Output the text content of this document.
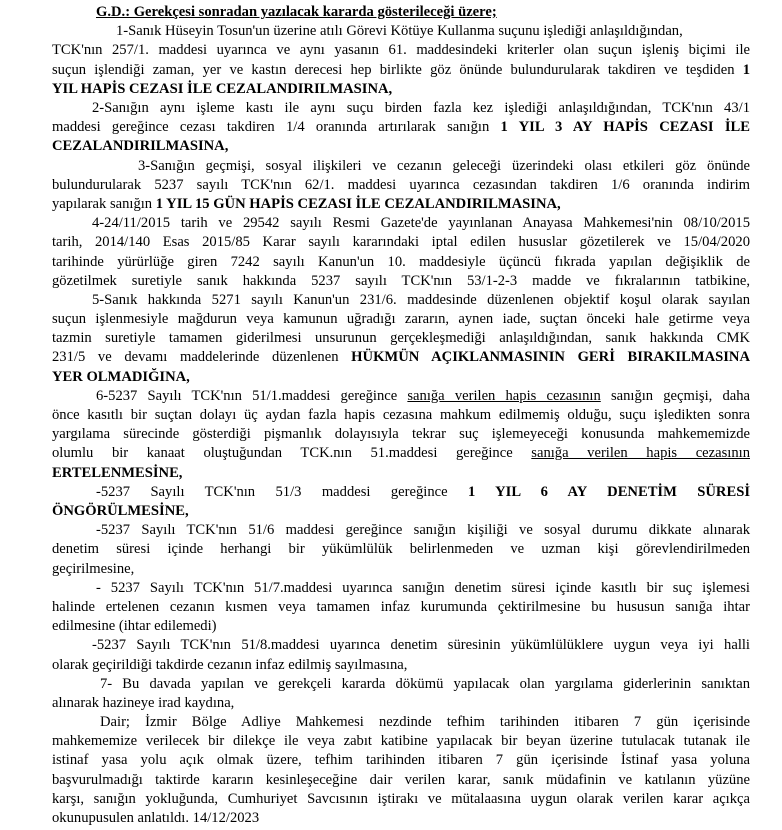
G.D.: Gerekçesi sonradan yazılacak kararda gösterileceği üzere;
1-Sanık Hüseyin Tosun'un üzerine atılı Görevi Kötüye Kullanma suçunu işlediği anlaşıldığından,
TCK'nın 257/1. maddesi uyarınca ve aynı yasanın 61. maddesindeki kriterler olan suçun işleniş biçimi ile
suçun işlendiği zaman, yer ve kastın derecesi hep birlikte göz önünde bulundurularak takdiren ve teşdiden 1
YIL HAPİS CEZASI İLE CEZALANDIRILMASINA,
2-Sanığın aynı işleme kastı ile aynı suçu birden fazla kez işlediği anlaşıldığından, TCK'nın 43/1
maddesi gereğince cezası takdiren 1/4 oranında artırılarak sanığın 1 YIL 3 AY HAPİS CEZASI İLE
CEZALANDIRILMASINA,
3-Sanığın geçmişi, sosyal ilişkileri ve cezanın geleceği üzerindeki olası etkileri göz önünde
bulundurularak 5237 sayılı TCK'nın 62/1. maddesi uyarınca cezasından takdiren 1/6 oranında indirim
yapılarak sanığın 1 YIL 15 GÜN HAPİS CEZASI İLE CEZALANDIRILMASINA,
4-24/11/2015 tarih ve 29542 sayılı Resmi Gazete'de yayınlanan Anayasa Mahkemesi'nin 08/10/2015
tarih, 2014/140 Esas 2015/85 Karar sayılı kararındaki iptal edilen hususlar gözetilerek ve 15/04/2020
tarihinde yürürlüğe giren 7242 sayılı Kanun'un 10. maddesiyle üçüncü fıkrada yapılan değişiklik de
gözetilmek suretiyle sanık hakkında 5237 sayılı TCK'nın 53/1-2-3 madde ve fıkralarının tatbikine,
5-Sanık hakkında 5271 sayılı Kanun'un 231/6. maddesinde düzenlenen objektif koşul olarak sayılan
suçun işlenmesiyle mağdurun veya kamunun uğradığı zararın, aynen iade, suçtan önceki hale getirme veya
tazmin suretiyle tamamen giderilmesi unsurunun gerçekleşmediği anlaşıldığından, sanık hakkında CMK
231/5 ve devamı maddelerinde düzenlenen HÜKMÜN AÇIKLANMASININ GERİ BIRAKILMASINA
YER OLMADIĞINA,
6-5237 Sayılı TCK'nın 51/1.maddesi gereğince sanığa verilen hapis cezasının sanığın geçmişi, daha
önce kasıtlı bir suçtan dolayı üç aydan fazla hapis cezasına mahkum edilmemiş olduğu, suçu işledikten sonra
yargılama sürecinde gösterdiği pişmanlık dolayısıyla tekrar suç işlemeyeceği konusunda mahkememizde
olumlu bir kanaat oluştuğundan TCK.nın 51.maddesi gereğince sanığa verilen hapis cezasının
ERTELENMESİNE,
-5237 Sayılı TCK'nın 51/3 maddesi gereğince 1 YIL 6 AY DENETİM SÜRESİ
ÖNGÖRÜLMESİNE,
-5237 Sayılı TCK'nın 51/6 maddesi gereğince sanığın kişiliği ve sosyal durumu dikkate alınarak
denetim süresi içinde herhangi bir yükümlülük belirlenmeden ve uzman kişi görevlendirilmeden
geçirilmesine,
- 5237 Sayılı TCK'nın 51/7.maddesi uyarınca sanığın denetim süresi içinde kasıtlı bir suç işlemesi
halinde ertelenen cezanın kısmen veya tamamen infaz kurumunda çektirilmesine bu hususun sanığa ihtar
edilmesine (ihtar edilemedi)
-5237 Sayılı TCK'nın 51/8.maddesi uyarınca denetim süresinin yükümlülüklere uygun veya iyi halli
olarak geçirildiği takdirde cezanın infaz edilmiş sayılmasına,
7- Bu davada yapılan ve gerekçeli kararda dökümü yapılacak olan yargılama giderlerinin sanıktan
alınarak hazineye irad kaydına,
Dair; İzmir Bölge Adliye Mahkemesi nezdinde tefhim tarihinden itibaren 7 gün içerisinde
mahkememize verilecek bir dilekçe ile veya zabıt katibine yapılacak bir beyan üzerine tutulacak tutanak ile
istinaf yasa yolu açık olmak üzere, tefhim tarihinden itibaren 7 gün içerisinde İstinaf yasa yoluna
başvurulmadığı taktirde kararın kesinleşeceğine dair verilen karar, sanık müdafinin ve katılanın yüzüne
karşı, sanığın yokluğunda, Cumhuriyet Savcısının iştirakı ve mütalaasına uygun olarak verilen karar açıkça
okunupusulen anlatıldı. 14/12/2023
